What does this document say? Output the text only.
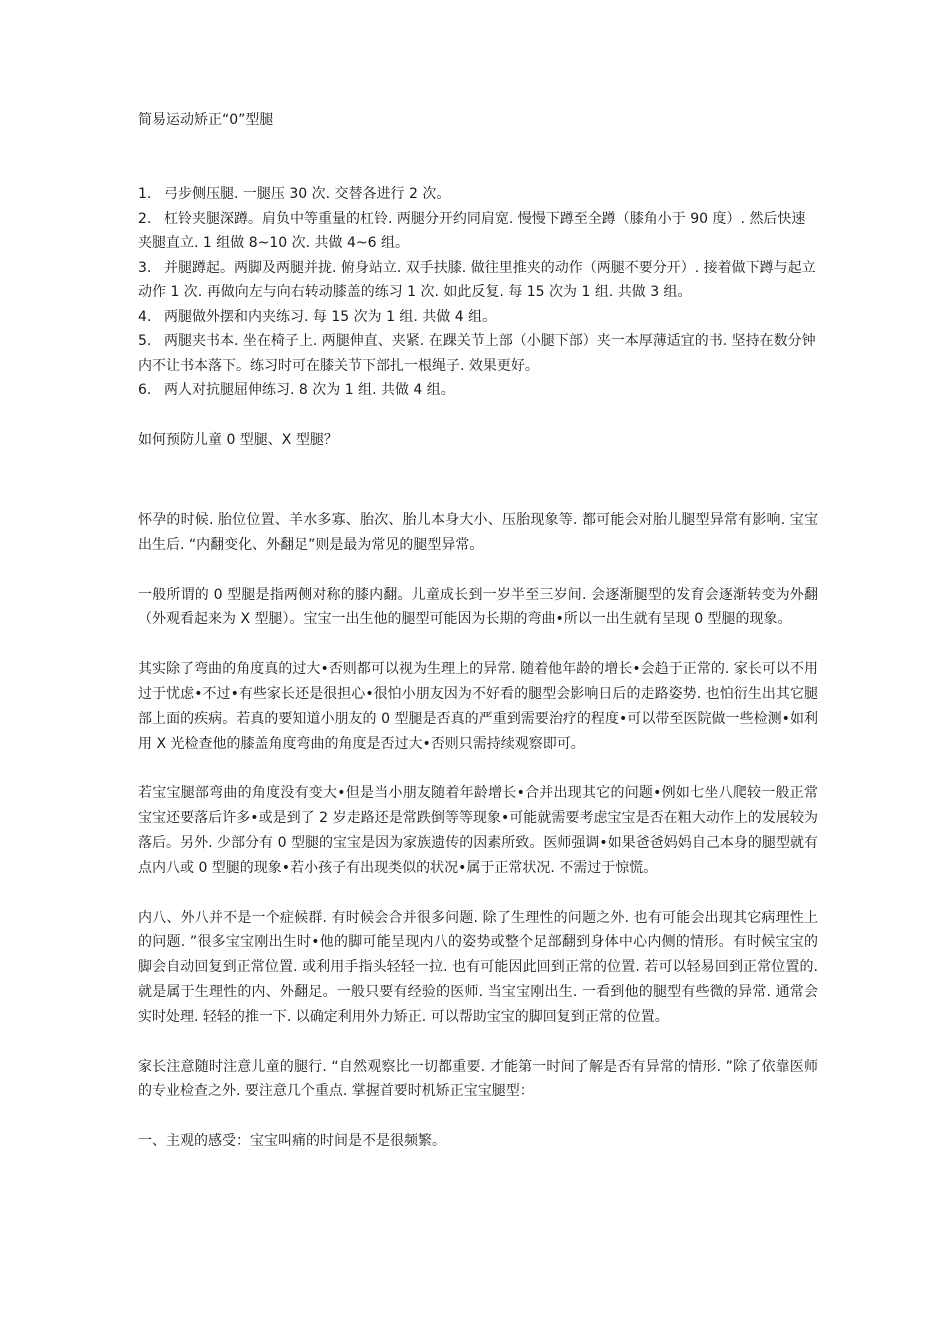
简易运动矫正“0”型腿

1. 弓步侧压腿. 一腿压 30 次. 交替各进行 2 次。

2. 杠铃夹腿深蹲。肩负中等重量的杠铃. 两腿分开约同肩宽. 慢慢下蹲至全蹲（膝角小于 90 度）. 然后快速夹腿直立. 1 组做 8~10 次. 共做 4~6 组。

3. 并腿蹲起。两脚及两腿并拢. 俯身站立. 双手扶膝. 做往里推夹的动作（两腿不要分开）. 接着做下蹲与起立动作 1 次. 再做向左与向右转动膝盖的练习 1 次. 如此反复. 每 15 次为 1 组. 共做 3 组。

4. 两腿做外摆和内夹练习. 每 15 次为 1 组. 共做 4 组。

5. 两腿夹书本. 坐在椅子上. 两腿伸直、夹紧. 在踝关节上部（小腿下部）夹一本厚薄适宜的书. 坚持在数分钟内不让书本落下。练习时可在膝关节下部扎一根绳子. 效果更好。

6. 两人对抗腿屈伸练习. 8 次为 1 组. 共做 4 组。

如何预防儿童 0 型腿、X 型腿？

怀孕的时候. 胎位位置、羊水多寡、胎次、胎儿本身大小、压胎现象等. 都可能会对胎儿腿型异常有影响. 宝宝出生后. “内翻变化、外翻足”则是最为常见的腿型异常。

一般所谓的 0 型腿是指两侧对称的膝内翻。儿童成长到一岁半至三岁间. 会逐渐腿型的发育会逐渐转变为外翻（外观看起来为 X 型腿）。宝宝一出生他的腿型可能因为长期的弯曲•所以一出生就有呈现 0 型腿的现象。

其实除了弯曲的角度真的过大•否则都可以视为生理上的异常. 随着他年龄的增长•会趋于正常的. 家长可以不用过于忧虑•不过•有些家长还是很担心•很怕小朋友因为不好看的腿型会影响日后的走路姿势. 也怕衍生出其它腿部上面的疾病。若真的要知道小朋友的 0 型腿是否真的严重到需要治疗的程度•可以带至医院做一些检测•如利用 X 光检查他的膝盖角度弯曲的角度是否过大•否则只需持续观察即可。

若宝宝腿部弯曲的角度没有变大•但是当小朋友随着年龄增长•合并出现其它的问题•例如七坐八爬较一般正常宝宝还要落后许多•或是到了 2 岁走路还是常跌倒等等现象•可能就需要考虑宝宝是否在粗大动作上的发展较为落后。另外. 少部分有 0 型腿的宝宝是因为家族遗传的因素所致。医师强调•如果爸爸妈妈自己本身的腿型就有点内八或 0 型腿的现象•若小孩子有出现类似的状况•属于正常状况. 不需过于惊慌。

内八、外八并不是一个症候群. 有时候会合并很多问题. 除了生理性的问题之外. 也有可能会出现其它病理性上的问题. ”很多宝宝刚出生时•他的脚可能呈现内八的姿势或整个足部翻到身体中心内侧的情形。有时候宝宝的脚会自动回复到正常位置. 或利用手指头轻轻一拉. 也有可能因此回到正常的位置. 若可以轻易回到正常位置的. 就是属于生理性的内、外翻足。一般只要有经验的医师. 当宝宝刚出生. 一看到他的腿型有些微的异常. 通常会实时处理. 轻轻的推一下. 以确定利用外力矫正. 可以帮助宝宝的脚回复到正常的位置。

家长注意随时注意儿童的腿行. “自然观察比一切都重要. 才能第一时间了解是否有异常的情形. ”除了依靠医师的专业检查之外. 要注意几个重点. 掌握首要时机矫正宝宝腿型：

一、主观的感受：宝宝叫痛的时间是不是很频繁。
